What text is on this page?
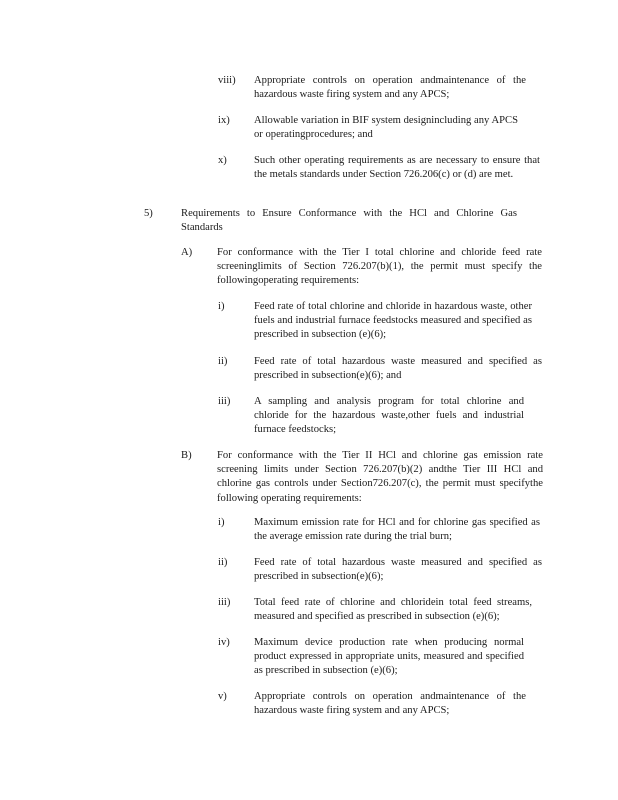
viii) Appropriate controls on operation andmaintenance of the hazardous waste firing system and any APCS;
ix) Allowable variation in BIF system designincluding any APCS or operatingprocedures; and
x)	Such other operating requirements as are necessary to ensure that the metals standards under Section 726.206(c) or (d) are met.
5)	Requirements to Ensure Conformance with the HCl and Chlorine Gas Standards
A) For conformance with the Tier I total chlorine and chloride feed rate screeninglimits of Section 726.207(b)(1), the permit must specify the followingoperating requirements:
i)	Feed rate of total chlorine and chloride in hazardous waste, other fuels and industrial furnace feedstocks measured and specified as prescribed in subsection (e)(6);
ii)	Feed rate of total hazardous waste measured and specified as prescribed in subsection(e)(6); and
iii) A sampling and analysis program for total chlorine and chloride for the hazardous waste,other fuels and industrial furnace feedstocks;
B) For conformance with the Tier II HCl and chlorine gas emission rate screening limits under Section 726.207(b)(2) andthe Tier III HCl and chlorine gas controls under Section726.207(c), the permit must specifythe following operating requirements:
i)	Maximum emission rate for HCl and for chlorine gas specified as the average emission rate during the trial burn;
ii)	Feed rate of total hazardous waste measured and specified as prescribed in subsection(e)(6);
iii) Total feed rate of chlorine and chloridein total feed streams, measured and specified as prescribed in subsection (e)(6);
iv) Maximum device production rate when producing normal product expressed in appropriate units, measured and specified as prescribed in subsection (e)(6);
v)	Appropriate controls on operation andmaintenance of the hazardous waste firing system and any APCS;
